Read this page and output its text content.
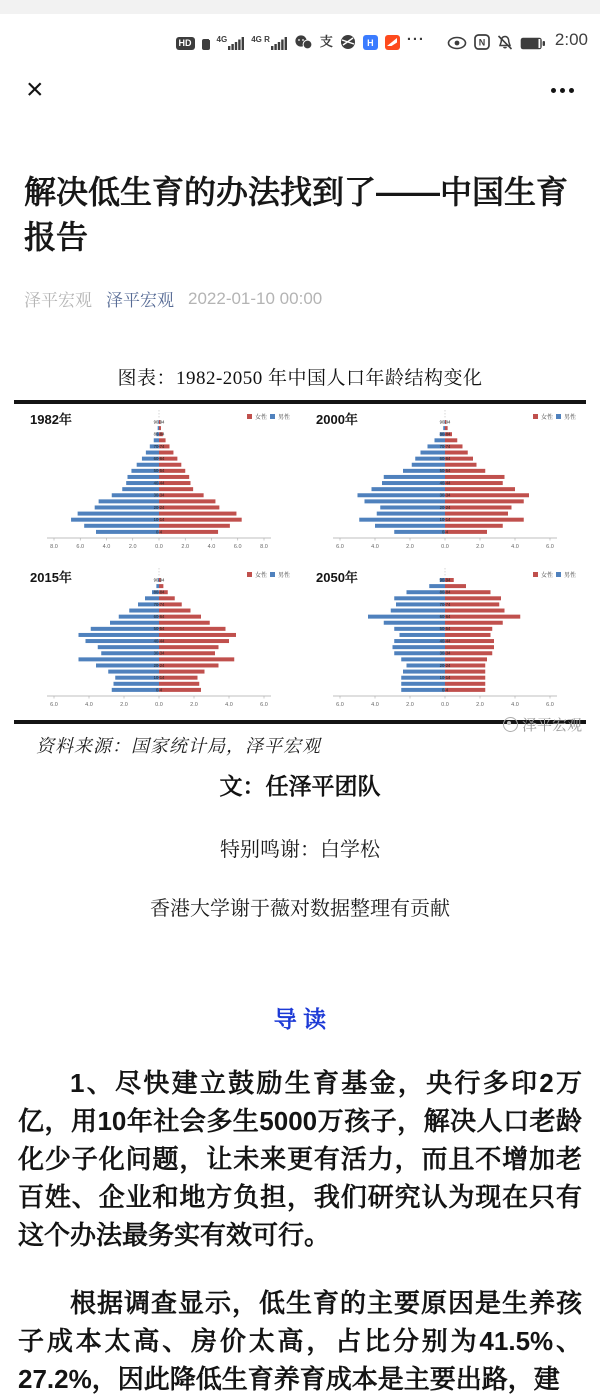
HD	4G	4G R	支	H ···	N	2:00
×
解决低生育的办法找到了——中国生育报告
泽平宏观 泽平宏观 2022-01-10 00:00
图表：1982-2050 年中国人口年龄结构变化
1982年	女性 男性
90-94
80-84
70-74
60-64
50-54
40-44
30-34
20-24
10-14
0-4
8.0	6.0	4.0	2.0	0.0	2.0	4.0	6.0	8.0
2000年	女性 男性
90-94
80-84
70-74
60-64
50-54
40-44
30-34
20-24
10-14
0-4
6.0	4.0	2.0	0.0	2.0	4.0	6.0
2015年	女性 男性
90-94
80-84
70-74
60-64
50-54
40-44
30-34
20-24
10-14
0-4
6.0	4.0	2.0	0.0	2.0	4.0	6.0
2050年	女性 男性
90-94
80-84
70-74
60-64
50-54
40-44
30-34
20-24
10-14
0-4
6.0	4.0	2.0	0.0	2.0	4.0	6.0
资料来源：国家统计局，泽平宏观
泽平宏观

文：任泽平团队

特别鸣谢：白学松

香港大学谢于薇对数据整理有贡献

导 读

1、尽快建立鼓励生育基金，央行多印2万亿，用10年社会多生5000万孩子，解决人口老龄化少子化问题，让未来更有活力，而且不增加老百姓、企业和地方负担，我们研究认为现在只有这个办法最务实有效可行。

根据调查显示，低生育的主要原因是生养孩子成本太高、房价太高，占比分别为41.5%、27.2%，因此降低生育养育成本是主要出路，建
